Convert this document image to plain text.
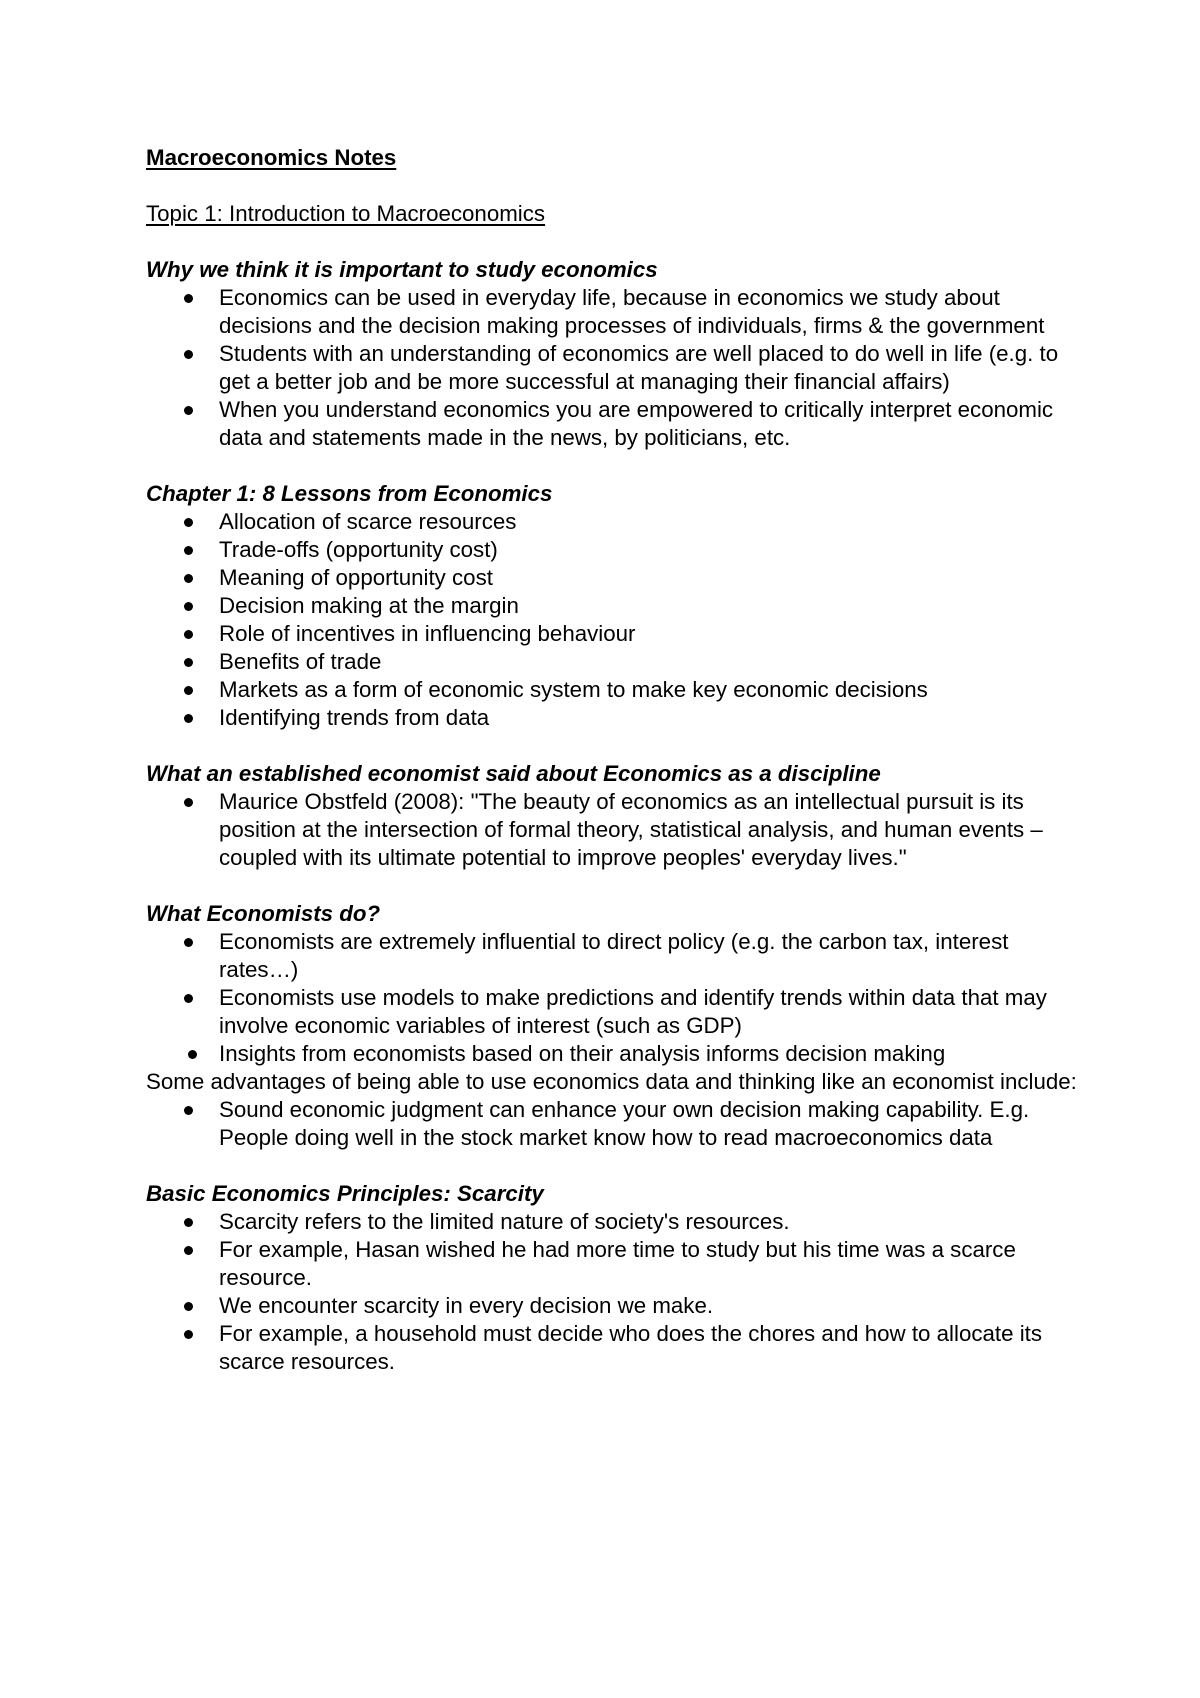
Macroeconomics Notes

Topic 1: Introduction to Macroeconomics

Why we think it is important to study economics

Economics can be used in everyday life, because in economics we study about decisions and the decision making processes of individuals, firms & the government
Students with an understanding of economics are well placed to do well in life (e.g. to get a better job and be more successful at managing their financial affairs)
When you understand economics you are empowered to critically interpret economic data and statements made in the news, by politicians, etc.

Chapter 1: 8 Lessons from Economics

Allocation of scarce resources
Trade-offs (opportunity cost)
Meaning of opportunity cost
Decision making at the margin
Role of incentives in influencing behaviour
Benefits of trade
Markets as a form of economic system to make key economic decisions
Identifying trends from data

What an established economist said about Economics as a discipline

Maurice Obstfeld (2008): "The beauty of economics as an intellectual pursuit is its position at the intersection of formal theory, statistical analysis, and human events – coupled with its ultimate potential to improve peoples' everyday lives."

What Economists do?

Economists are extremely influential to direct policy (e.g. the carbon tax, interest rates…)
Economists use models to make predictions and identify trends within data that may involve economic variables of interest (such as GDP)
Insights from economists based on their analysis informs decision making

Some advantages of being able to use economics data and thinking like an economist include:

Sound economic judgment can enhance your own decision making capability. E.g. People doing well in the stock market know how to read macroeconomics data

Basic Economics Principles: Scarcity

Scarcity refers to the limited nature of society's resources.
For example, Hasan wished he had more time to study but his time was a scarce resource.
We encounter scarcity in every decision we make.
For example, a household must decide who does the chores and how to allocate its scarce resources.
